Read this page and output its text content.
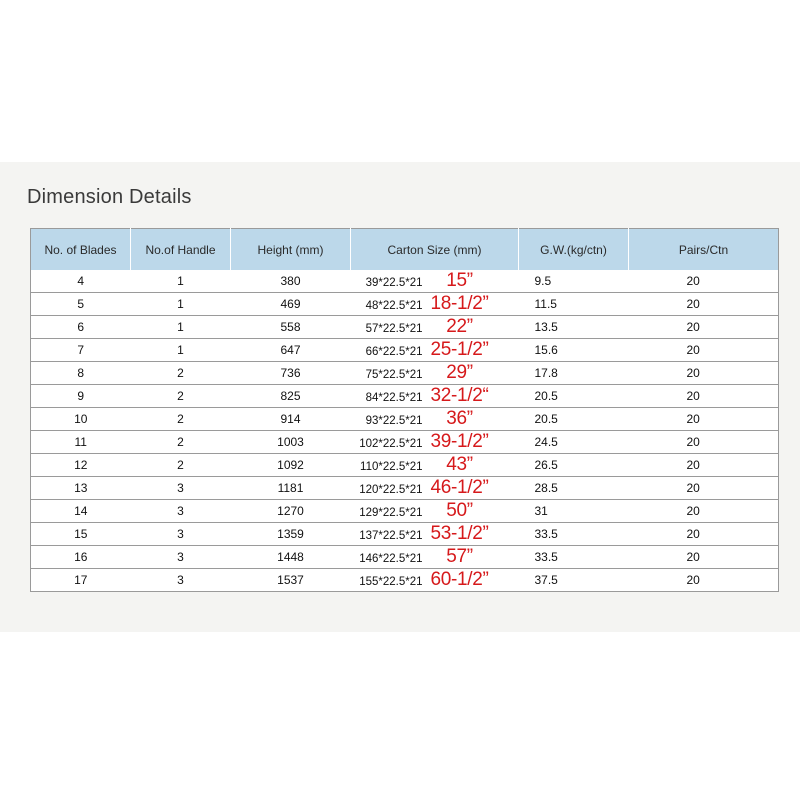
Dimension Details
No. of Blades	No.of Handle	Height (mm)	Carton Size (mm)	G.W.(kg/ctn)	Pairs/Ctn
4	1	380	39*22.5*21 15”	9.5	20
5	1	469	48*22.5*21 18-1/2”	11.5	20
6	1	558	57*22.5*21 22”	13.5	20
7	1	647	66*22.5*21 25-1/2”	15.6	20
8	2	736	75*22.5*21 29”	17.8	20
9	2	825	84*22.5*21 32-1/2“	20.5	20
10	2	914	93*22.5*21 36”	20.5	20
11	2	1003	102*22.5*21 39-1/2”	24.5	20
12	2	1092	110*22.5*21 43”	26.5	20
13	3	1181	120*22.5*21 46-1/2”	28.5	20
14	3	1270	129*22.5*21 50”	31	20
15	3	1359	137*22.5*21 53-1/2”	33.5	20
16	3	1448	146*22.5*21 57”	33.5	20
17	3	1537	155*22.5*21 60-1/2”	37.5	20
